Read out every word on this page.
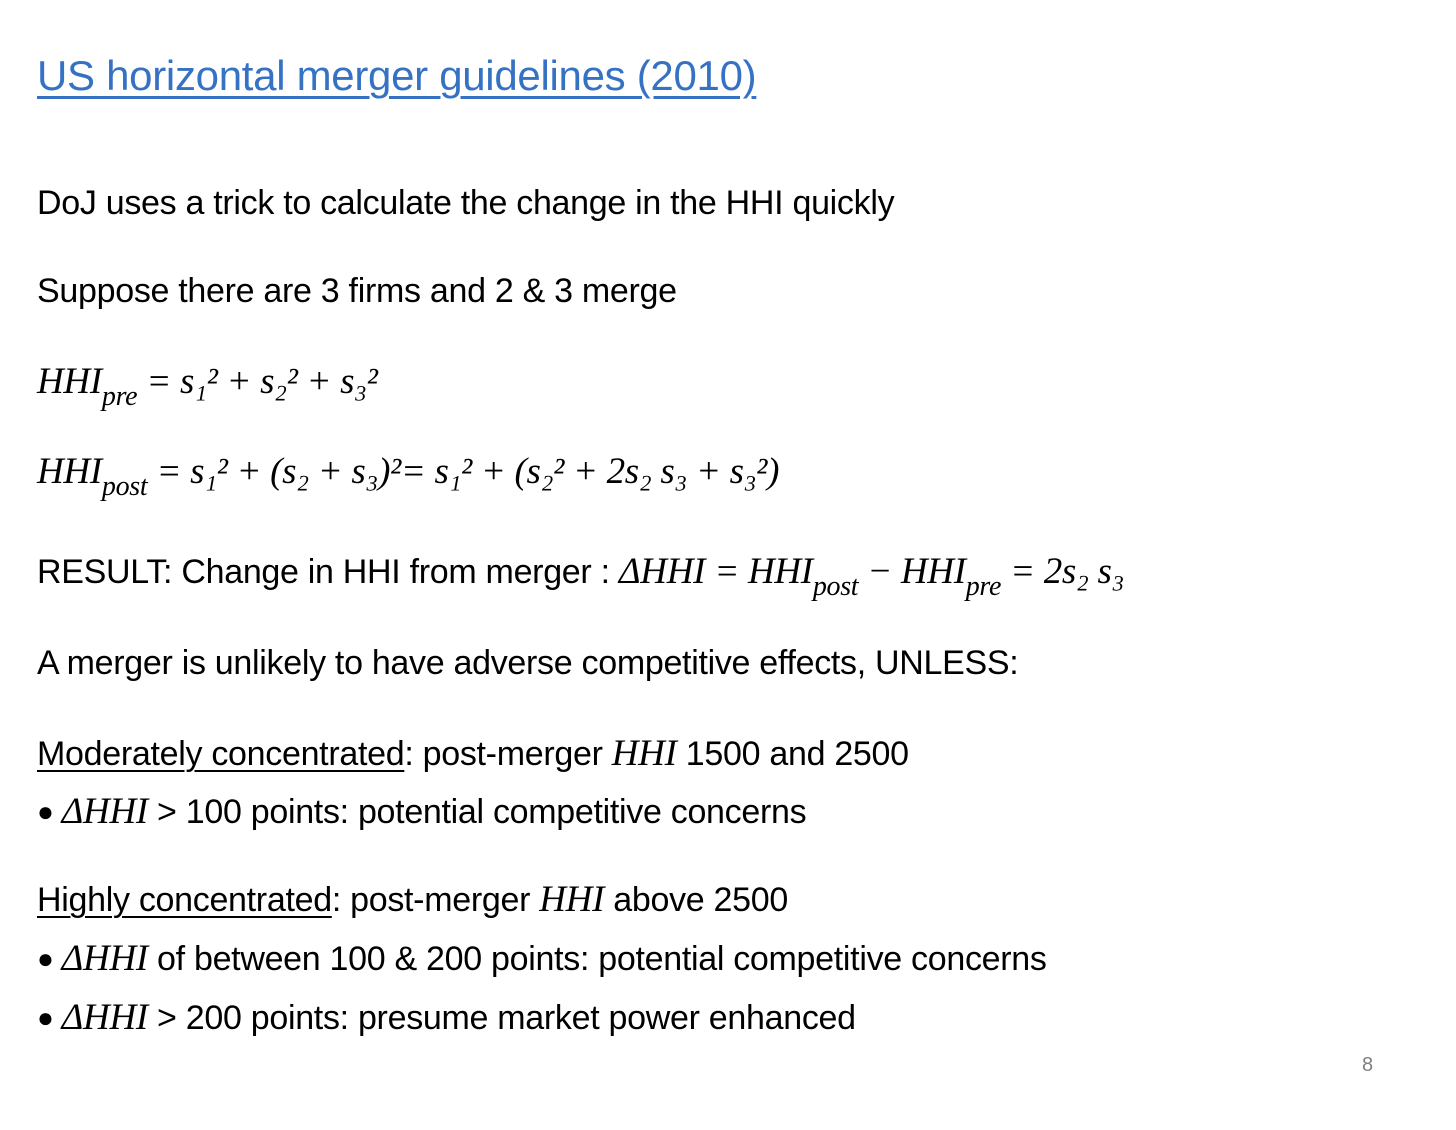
US horizontal merger guidelines (2010)
DoJ uses a trick to calculate the change in the HHI quickly
Suppose there are 3 firms and 2 & 3 merge
$HHI_{pre} = s_1^2 + s_2^2 + s_3^2$
$HHI_{post} = s_1^2 + (s_2 + s_3)^2= s_1^2 + (s_2^2 + 2s_2$ s₃ + s₃²)
RESULT: Change in HHI from merger : $\Delta HHI = HHI_{post} - HHI_{pre} = 2s_2$ s₃
A merger is unlikely to have adverse competitive effects, UNLESS:
Moderately concentrated: post-merger HHI 1500 and 2500
● ΔHHI > 100 points: potential competitive concerns
Highly concentrated: post-merger HHI above 2500
● ΔHHI of between 100 & 200 points: potential competitive concerns
● ΔHHI > 200 points: presume market power enhanced
8
